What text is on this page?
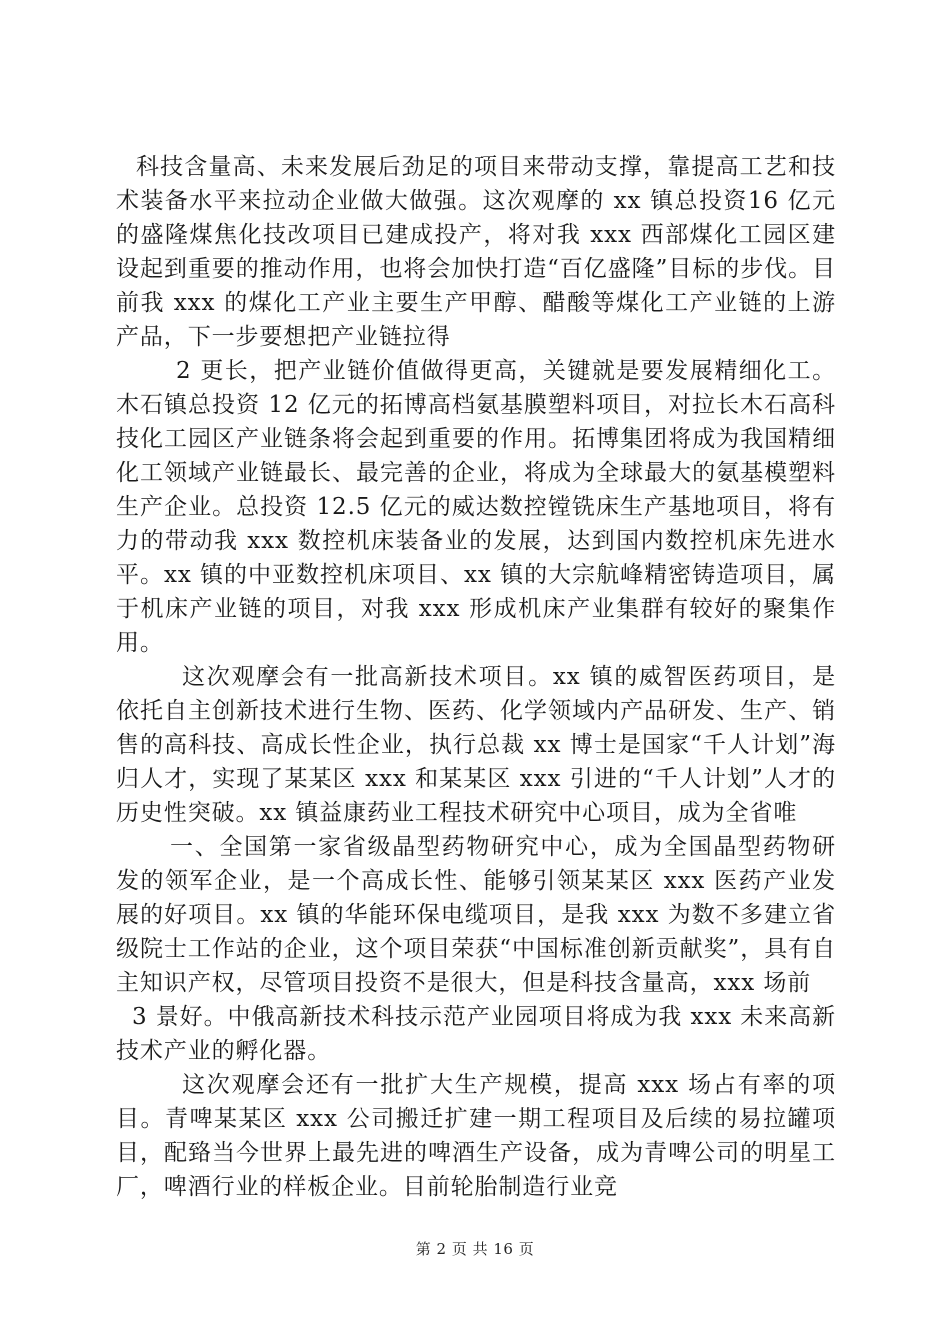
科技含量高、未来发展后劲足的项目来带动支撑，靠提高工艺和技术装备水平来拉动企业做大做强。这次观摩的 xx 镇总投资16 亿元的盛隆煤焦化技改项目已建成投产，将对我 xxx 西部煤化工园区建设起到重要的推动作用，也将会加快打造“百亿盛隆”目标的步伐。目前我 xxx 的煤化工产业主要生产甲醇、醋酸等煤化工产业链的上游产品，下一步要想把产业链拉得

2 更长，把产业链价值做得更高，关键就是要发展精细化工。木石镇总投资 12 亿元的拓博高档氨基膜塑料项目，对拉长木石高科技化工园区产业链条将会起到重要的作用。拓博集团将成为我国精细化工领域产业链最长、最完善的企业，将成为全球最大的氨基模塑料生产企业。总投资 12.5 亿元的威达数控镗铣床生产基地项目，将有力的带动我 xxx 数控机床装备业的发展，达到国内数控机床先进水平。xx 镇的中亚数控机床项目、xx 镇的大宗航峰精密铸造项目，属于机床产业链的项目，对我 xxx 形成机床产业集群有较好的聚集作用。

这次观摩会有一批高新技术项目。xx 镇的威智医药项目，是依托自主创新技术进行生物、医药、化学领域内产品研发、生产、销售的高科技、高成长性企业，执行总裁 xx 博士是国家“千人计划”海归人才，实现了某某区 xxx 和某某区 xxx 引进的“千人计划”人才的历史性突破。xx 镇益康药业工程技术研究中心项目，成为全省唯

一、全国第一家省级晶型药物研究中心，成为全国晶型药物研发的领军企业，是一个高成长性、能够引领某某区 xxx 医药产业发展的好项目。xx 镇的华能环保电缆项目，是我 xxx 为数不多建立省级院士工作站的企业，这个项目荣获“中国标准创新贡献奖”，具有自主知识产权，尽管项目投资不是很大，但是科技含量高，xxx 场前

3 景好。中俄高新技术科技示范产业园项目将成为我 xxx 未来高新技术产业的孵化器。

这次观摩会还有一批扩大生产规模，提高 xxx 场占有率的项目。青啤某某区 xxx 公司搬迁扩建一期工程项目及后续的易拉罐项目，配臵当今世界上最先进的啤酒生产设备，成为青啤公司的明星工厂，啤酒行业的样板企业。目前轮胎制造行业竞

第 2 页 共 16 页
